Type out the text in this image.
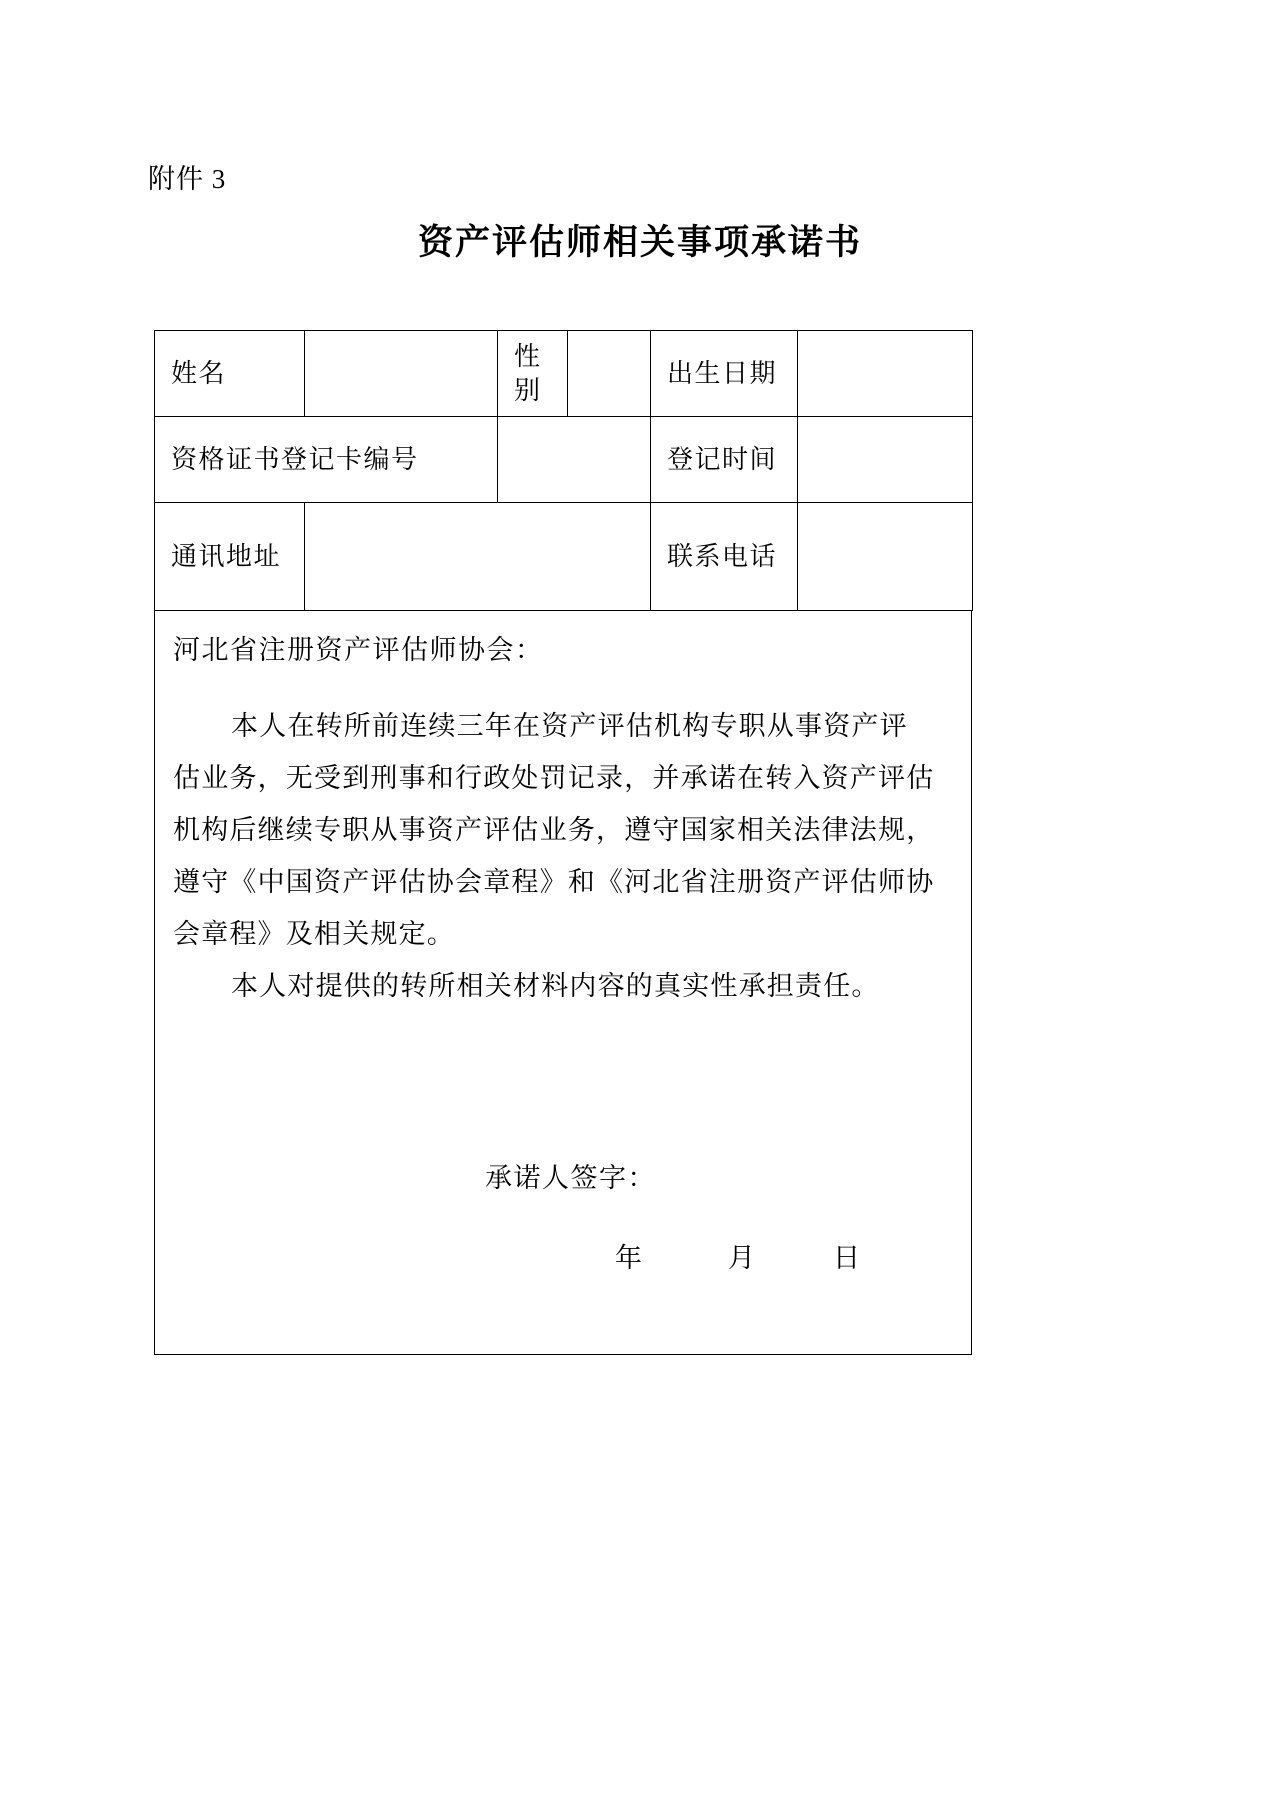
附件 3
资产评估师相关事项承诺书
姓名		性别		出生日期	
资格证书登记卡编号				登记时间	
通讯地址				联系电话	
河北省注册资产评估师协会：
本人在转所前连续三年在资产评估机构专职从事资产评
估业务，无受到刑事和行政处罚记录，并承诺在转入资产评估
机构后继续专职从事资产评估业务，遵守国家相关法律法规，
遵守《中国资产评估协会章程》和《河北省注册资产评估师协
会章程》及相关规定。
本人对提供的转所相关材料内容的真实性承担责任。
承诺人签字：
年	月	日
